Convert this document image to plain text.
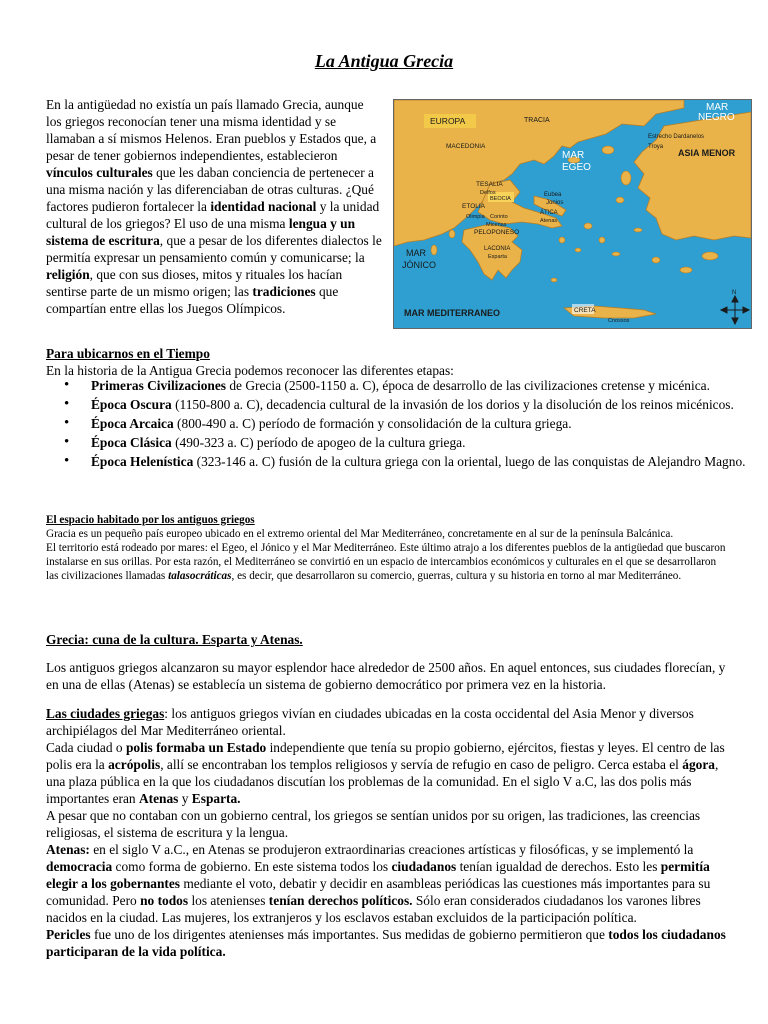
La Antigua Grecia

En la antigüedad no existía un país llamado Grecia, aunque los griegos reconocían tener una misma identidad y se llamaban a sí mismos Helenos. Eran pueblos y Estados que, a pesar de tener gobiernos independientes, establecieron vínculos culturales que les daban conciencia de pertenecer a una misma nación y las diferenciaban de otras culturas. ¿Qué factores pudieron fortalecer la identidad nacional y la unidad cultural de los griegos? El uso de una misma lengua y un sistema de escritura, que a pesar de los diferentes dialectos le permitía expresar un pensamiento común y comunicarse; la religión, que con sus dioses, mitos y rituales los hacían sentirse parte de un mismo origen; las tradiciones que compartían entre ellas los Juegos Olímpicos.

EUROPA	TRACIA
MAR
NEGRO
Estrecho Dardanelos
Troya
ASIA MENOR
MACEDONIA
MAR
EGEO
TESALIA
Delfos
BEOCIA
Eubea
Jonios
ETOLIA
ÁTICA
Atenas
Olimpia Corinto
Micenas
PELOPONESO
LACONIA
Esparta
MAR
JÓNICO
MAR MEDITERRANEO	CRETA
Cnossos
N

Para ubicarnos en el Tiempo

En la historia de la Antigua Grecia podemos reconocer las diferentes etapas:

• Primeras Civilizaciones de Grecia (2500-1150 a. C), época de desarrollo de las civilizaciones cretense y micénica.
• Época Oscura (1150-800 a. C), decadencia cultural de la invasión de los dorios y la disolución de los reinos micénicos.
• Época Arcaica (800-490 a. C) período de formación y consolidación de la cultura griega.
• Época Clásica (490-323 a. C) período de apogeo de la cultura griega.
• Época Helenística (323-146 a. C) fusión de la cultura griega con la oriental, luego de las conquistas de Alejandro Magno.
El espacio habitado por los antiguos griegos
Gracia es un pequeño país europeo ubicado en el extremo oriental del Mar Mediterráneo, concretamente en al sur de la península Balcánica.
El territorio está rodeado por mares: el Egeo, el Jónico y el Mar Mediterráneo. Este último atrajo a los diferentes pueblos de la antigüedad que buscaron instalarse en sus orillas. Por esta razón, el Mediterráneo se convirtió en un espacio de intercambios económicos y culturales en el que se desarrollaron las civilizaciones llamadas talasocráticas, es decir, que desarrollaron su comercio, guerras, cultura y su historia en torno al mar Mediterráneo.

Grecia: cuna de la cultura. Esparta y Atenas.

Los antiguos griegos alcanzaron su mayor esplendor hace alrededor de 2500 años. En aquel entonces, sus ciudades florecían, y en una de ellas (Atenas) se establecía un sistema de gobierno democrático por primera vez en la historia.

Las ciudades griegas: los antiguos griegos vivían en ciudades ubicadas en la costa occidental del Asia Menor y diversos archipiélagos del Mar Mediterráneo oriental.
Cada ciudad o polis formaba un Estado independiente que tenía su propio gobierno, ejércitos, fiestas y leyes. El centro de las polis era la acrópolis, allí se encontraban los templos religiosos y servía de refugio en caso de peligro. Cerca estaba el ágora, una plaza pública en la que los ciudadanos discutían los problemas de la comunidad. En el siglo V a.C, las dos polis más importantes eran Atenas y Esparta.
A pesar que no contaban con un gobierno central, los griegos se sentían unidos por su origen, las tradiciones, las creencias religiosas, el sistema de escritura y la lengua.
Atenas: en el siglo V a.C., en Atenas se produjeron extraordinarias creaciones artísticas y filosóficas, y se implementó la democracia como forma de gobierno. En este sistema todos los ciudadanos tenían igualdad de derechos. Esto les permitía elegir a los gobernantes mediante el voto, debatir y decidir en asambleas periódicas las cuestiones más importantes para su comunidad. Pero no todos los atenienses tenían derechos políticos. Sólo eran considerados ciudadanos los varones libres nacidos en la ciudad. Las mujeres, los extranjeros y los esclavos estaban excluidos de la participación política.
Pericles fue uno de los dirigentes atenienses más importantes. Sus medidas de gobierno permitieron que todos los ciudadanos participaran de la vida política.
